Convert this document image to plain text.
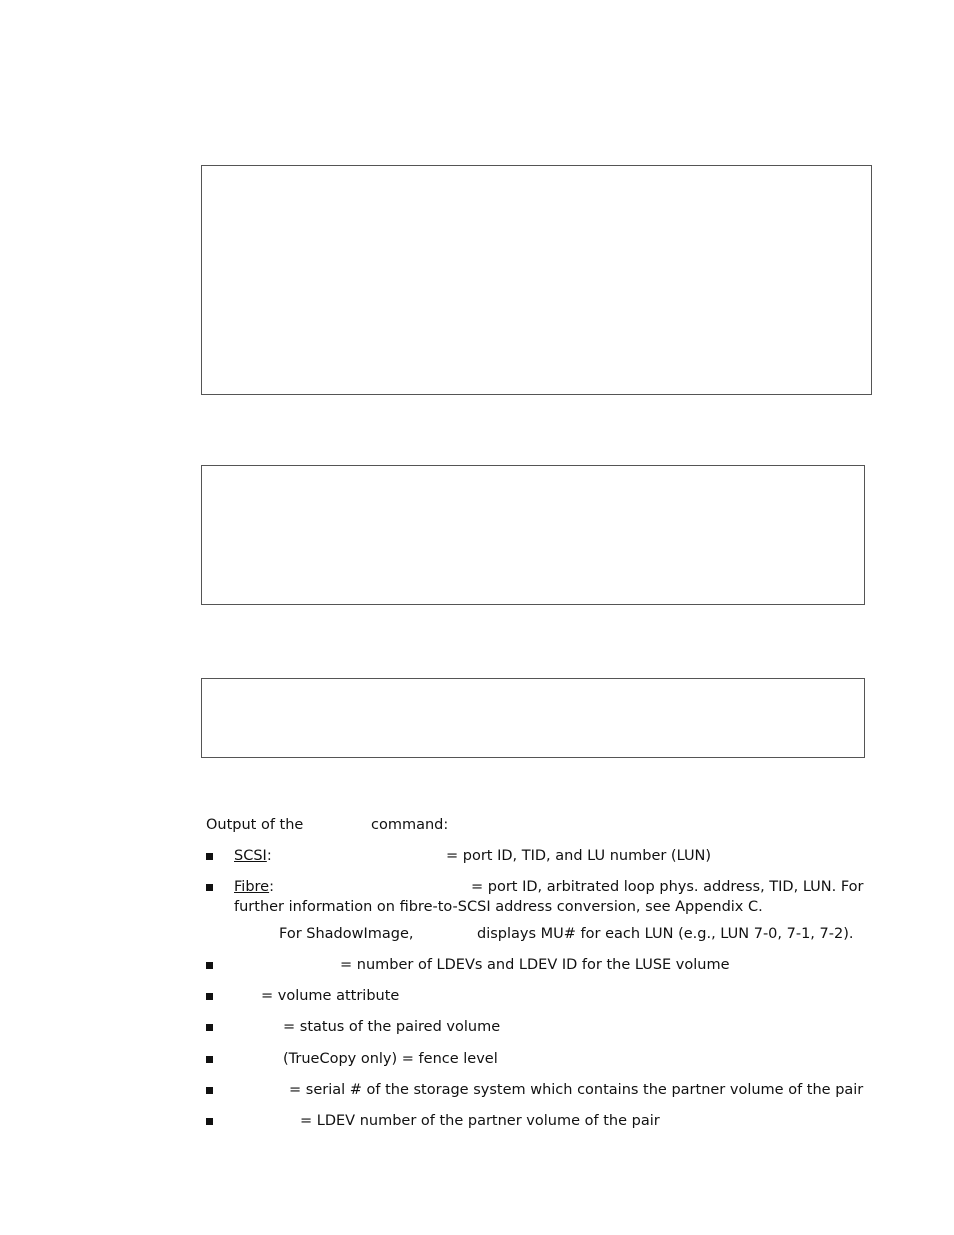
Output of the	command:
SCSI:	= port ID, TID, and LU number (LUN)
Fibre:	= port ID, arbitrated loop phys. address, TID, LUN. For
further information on fibre-to-SCSI address conversion, see Appendix C.
For ShadowImage,	displays MU# for each LUN (e.g., LUN 7-0, 7-1, 7-2).
= number of LDEVs and LDEV ID for the LUSE volume
= volume attribute
= status of the paired volume
(TrueCopy only) = fence level
= serial # of the storage system which contains the partner volume of the pair
= LDEV number of the partner volume of the pair
